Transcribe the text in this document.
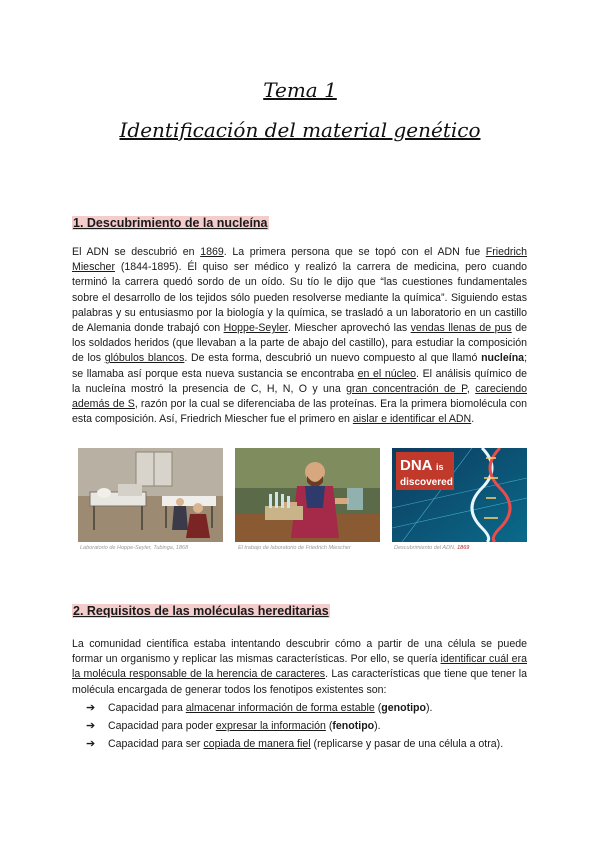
Tema 1
Identificación del material genético
1. Descubrimiento de la nucleína
El ADN se descubrió en 1869. La primera persona que se topó con el ADN fue Friedrich Miescher (1844-1895). Él quiso ser médico y realizó la carrera de medicina, pero cuando terminó la carrera quedó sordo de un oído. Su tío le dijo que “las cuestiones fundamentales sobre el desarrollo de los tejidos sólo pueden resolverse mediante la química”. Siguiendo estas palabras y su entusiasmo por la biología y la química, se trasladó a un laboratorio en un castillo de Alemania donde trabajó con Hoppe-Seyler. Miescher aprovechó las vendas llenas de pus de los soldados heridos (que llevaban a la parte de abajo del castillo), para estudiar la composición de los glóbulos blancos. De esta forma, descubrió un nuevo compuesto al que llamó nucleína; se llamaba así porque esta nueva sustancia se encontraba en el núcleo. El análisis químico de la nucleína mostró la presencia de C, H, N, O y una gran concentración de P, careciendo además de S, razón por la cual se diferenciaba de las proteínas. Era la primera biomolécula con esta composición. Así, Friedrich Miescher fue el primero en aislar e identificar el ADN.
DNA is
discovered
Laboratorio de Hoppe-Seyler, Tubinga, 1868	El trabajo de laboratorio de Friedrich Miescher	Descubrimiento del ADN, 1869
2. Requisitos de las moléculas hereditarias
La comunidad científica estaba intentando descubrir cómo a partir de una célula se puede formar un organismo y replicar las mismas características. Por ello, se quería identificar cuál era la molécula responsable de la herencia de caracteres. Las características que tiene que tener la molécula encargada de generar todos los fenotipos existentes son:
➔ Capacidad para almacenar información de forma estable (genotipo).
➔ Capacidad para poder expresar la información (fenotipo).
➔ Capacidad para ser copiada de manera fiel (replicarse y pasar de una célula a otra).
